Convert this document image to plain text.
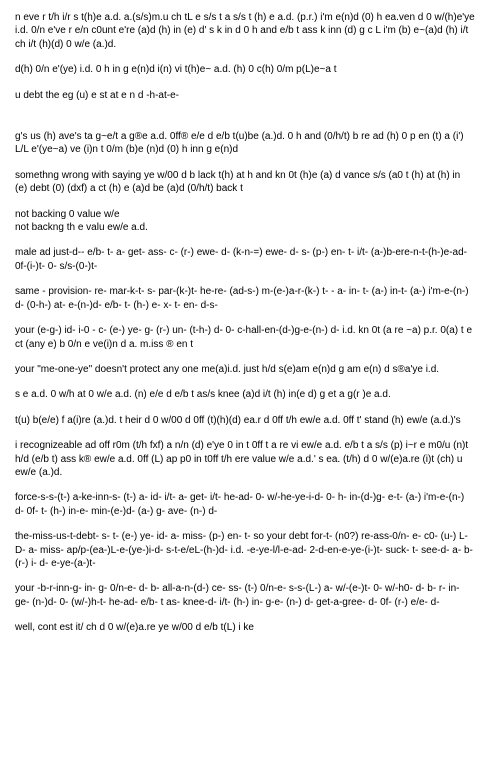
n eve r t/h i/r s t(h)e a.d. a.(s/s)m.u ch tL e s/s t a s/s t (h) e a.d. (p.r.) i'm e(n)d (0) h ea.ven d 0 w/(h)e'ye i.d. 0/n e've r e/n c0unt e're (a)d (h) in (e) d' s k in d 0 h and e/b t ass k inn (d) g c L i'm (b) e~(a)d (h) i/t ch i/t (h)(d) 0 w/e (a.)d.

d(h) 0/n e'(ye) i.d. 0 h in g e(n)d i(n) vi t(h)e~ a.d. (h) 0 c(h) 0/m p(L)e~a t

u debt the eg (u) e st at e n d -h-at-e-

g's us (h) ave's ta g~e/t a g®e a.d. 0ff® e/e d e/b t(u)be (a.)d. 0 h and (0/h/t) b re ad (h) 0 p en (t) a (i') L/L e'(ye~a) ve (i)n t 0/m (b)e (n)d (0) h inn g e(n)d

somethng wrong with saying ye w/00 d b lack t(h) at h and kn 0t (h)e (a) d vance s/s (a0 t (h) at (h) in (e) debt (0) (dxf) a ct (h) e (a)d be (a)d (0/h/t) back t

not backing 0 value w/e
not backng th e valu ew/e a.d.

male ad just-d-- e/b- t- a- get- ass- c- (r-) ewe- d- (k-n-=) ewe- d- s- (p-) en- t- i/t- (a-)b-ere-n-t-(h-)e-ad-0f-(i-)t- 0- s/s-(0-)t-

same - provision- re- mar-k-t- s- par-(k-)t- he-re- (ad-s-) m-(e-)a-r-(k-) t- - a- in- t- (a-) in-t- (a-) i'm-e-(n-) d- (0-h-) at- e-(n-)d- e/b- t- (h-) e- x- t- en- d-s-

your (e-g-) id- i-0 - c- (e-) ye- g- (r-) un- (t-h-) d- 0- c-hall-en-(d-)g-e-(n-) d- i.d. kn 0t (a re ~a) p.r. 0(a) t e ct (any e) b 0/n e ve(i)n d a. m.iss ® en t

your "me-one-ye" doesn't protect any one me(a)i.d. just h/d s(e)am e(n)d g am e(n) d s®a'ye i.d.

s e a.d. 0 w/h at 0 w/e a.d. (n) e/e d e/b t as/s knee (a)d i/t (h) in(e d) g et a g(r )e a.d.

t(u) b(e/e) f a(i)re (a.)d. t heir d 0 w/00 d 0ff (t)(h)(d) ea.r d 0ff t/h ew/e a.d. 0ff t' stand (h) ew/e (a.d.)'s

i recognizeable ad off r0m (t/h fxf) a n/n (d) e'ye 0 in t 0ff t a re vi ew/e a.d. e/b t a s/s (p) i~r e m0/u (n)t h/d (e/b t) ass k® ew/e a.d. 0ff (L) ap p0 in t0ff t/h ere value w/e a.d.' s ea. (t/h) d 0 w/(e)a.re (i)t (ch) u ew/e (a.)d.

force-s-s-(t-) a-ke-inn-s- (t-) a- id- i/t- a- get- i/t- he-ad- 0- w/-he-ye-i-d- 0- h- in-(d-)g- e-t- (a-) i'm-e-(n-) d- 0f- t- (h-) in-e- min-(e-)d- (a-) g- ave- (n-) d-

the-miss-us-t-debt- s- t- (e-) ye- id- a- miss- (p-) en- t- so your debt for-t- (n0?) re-ass-0/n- e- c0- (u-) L-D- a- miss- ap/p-(ea-)L-e-(ye-)i-d- s-t-e/eL-(h-)d- i.d. -e-ye-l/l-e-ad- 2-d-en-e-ye-(i-)t- suck- t- see-d- a- b- (r-) i- d- e-ye-(a-)t-

your -b-r-inn-g- in- g- 0/n-e- d- b- all-a-n-(d-) ce- ss- (t-) 0/n-e- s-s-(L-) a- w/-(e-)t- 0- w/-h0- d- b- r- in- ge- (n-)d- 0- (w/-)h-t- he-ad- e/b- t as- knee-d- i/t- (h-) in- g-e- (n-) d- get-a-gree- d- 0f- (r-) e/e- d-

well, cont est it/ ch d 0 w/(e)a.re ye w/00 d e/b t(L) i ke
